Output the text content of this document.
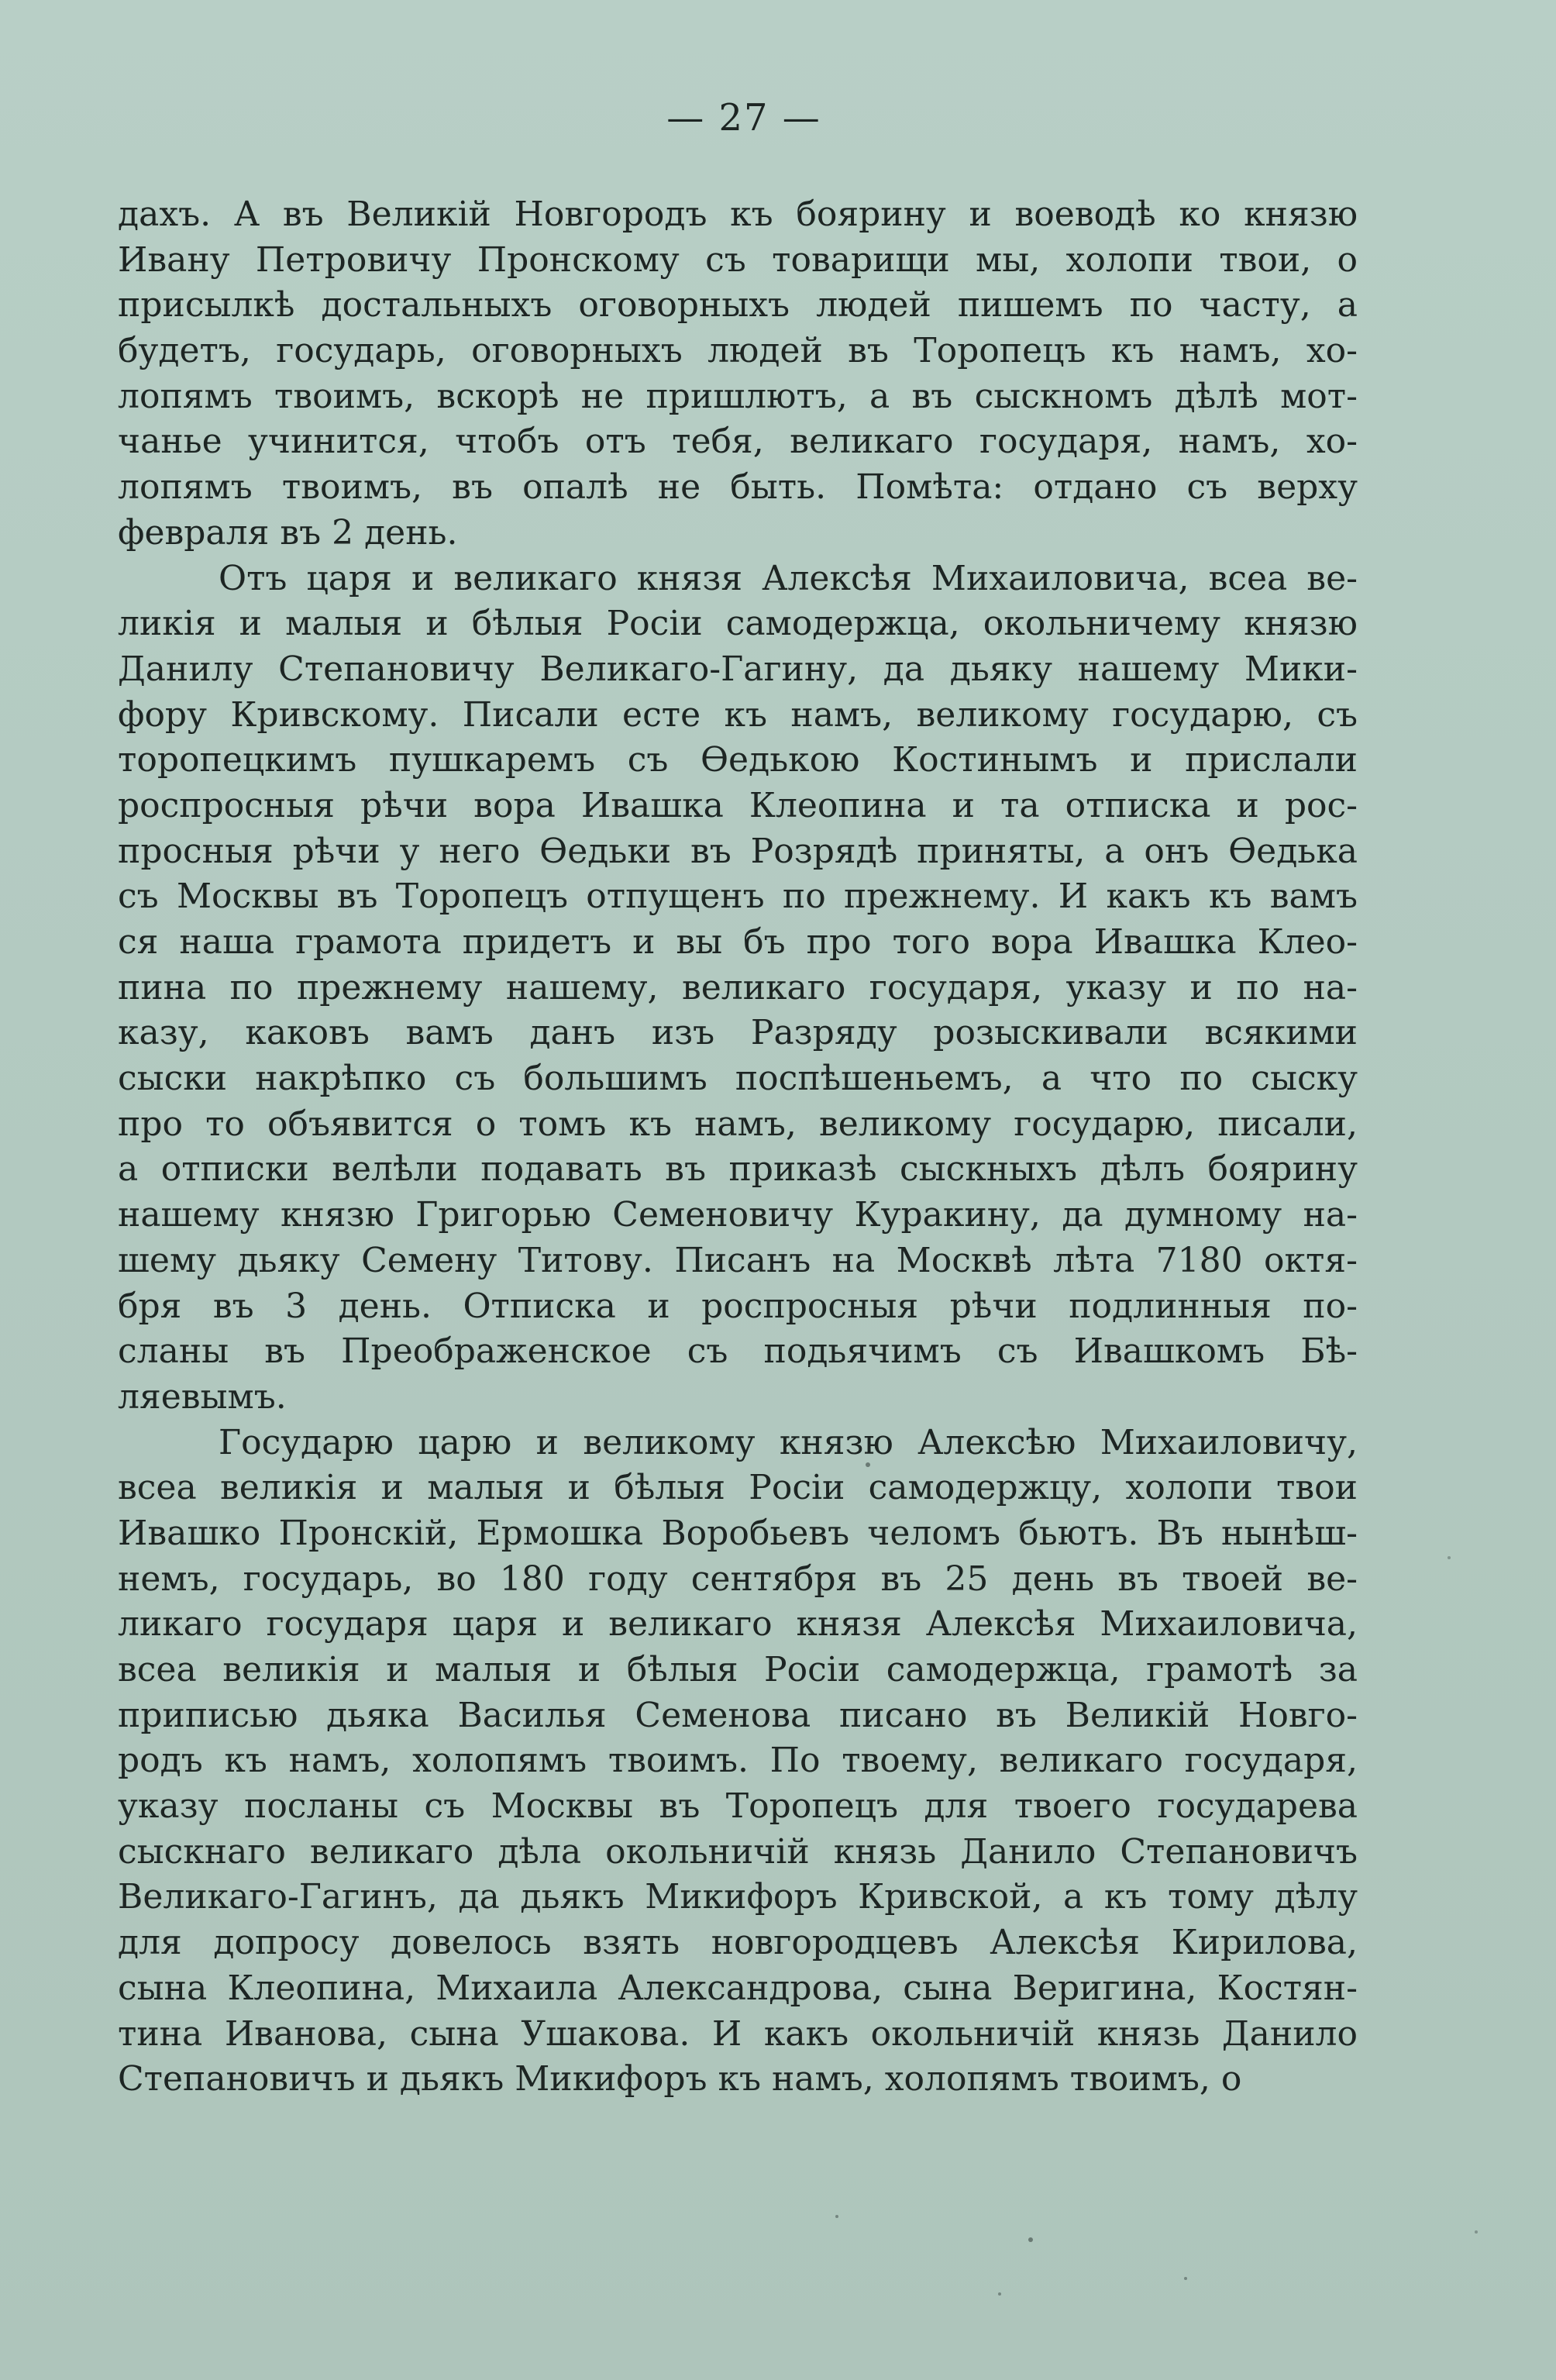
— 27 —
дахъ. А въ Великій Новгородъ къ боярину и воеводѣ ко князю
Ивану Петровичу Пронскому съ товарищи мы, холопи твои, о
присылкѣ достальныхъ оговорныхъ людей пишемъ по часту, а
будетъ, государь, оговорныхъ людей въ Торопецъ къ намъ, хо-
лопямъ твоимъ, вскорѣ не пришлютъ, а въ сыскномъ дѣлѣ мот-
чанье учинится, чтобъ отъ тебя, великаго государя, намъ, хо-
лопямъ твоимъ, въ опалѣ не быть. Помѣта: отдано съ верху
февраля въ 2 день.
Отъ царя и великаго князя Алексѣя Михаиловича, всеа ве-
ликія и малыя и бѣлыя Росіи самодержца, окольничему князю
Данилу Степановичу Великаго-Гагину, да дьяку нашему Мики-
фору Кривскому. Писали есте къ намъ, великому государю, съ
торопецкимъ пушкаремъ съ Ѳедькою Костинымъ и прислали
роспросныя рѣчи вора Ивашка Клеопина и та отписка и рос-
просныя рѣчи у него Ѳедьки въ Розрядѣ приняты, а онъ Ѳедька
съ Москвы въ Торопецъ отпущенъ по прежнему. И какъ къ вамъ
ся наша грамота придетъ и вы бъ про того вора Ивашка Клео-
пина по прежнему нашему, великаго государя, указу и по на-
казу, каковъ вамъ данъ изъ Разряду розыскивали всякими
сыски накрѣпко съ большимъ поспѣшеньемъ, а что по сыску
про то объявится о томъ къ намъ, великому государю, писали,
а отписки велѣли подавать въ приказѣ сыскныхъ дѣлъ боярину
нашему князю Григорью Семеновичу Куракину, да думному на-
шему дьяку Семену Титову. Писанъ на Москвѣ лѣта 7180 октя-
бря въ 3 день. Отписка и роспросныя рѣчи подлинныя по-
сланы въ Преображенское съ подьячимъ съ Ивашкомъ Бѣ-
ляевымъ.
Государю царю и великому князю Алексѣю Михаиловичу,
всеа великія и малыя и бѣлыя Росіи самодержцу, холопи твои
Ивашко Пронскій, Ермошка Воробьевъ челомъ бьютъ. Въ нынѣш-
немъ, государь, во 180 году сентября въ 25 день въ твоей ве-
ликаго государя царя и великаго князя Алексѣя Михаиловича,
всеа великія и малыя и бѣлыя Росіи самодержца, грамотѣ за
приписью дьяка Василья Семенова писано въ Великій Новго-
родъ къ намъ, холопямъ твоимъ. По твоему, великаго государя,
указу посланы съ Москвы въ Торопецъ для твоего государева
сыскнаго великаго дѣла окольничій князь Данило Степановичъ
Великаго-Гагинъ, да дьякъ Микифоръ Кривской, а къ тому дѣлу
для допросу довелось взять новгородцевъ Алексѣя Кирилова,
сына Клеопина, Михаила Александрова, сына Веригина, Костян-
тина Иванова, сына Ушакова. И какъ окольничій князь Данило
Степановичъ и дьякъ Микифоръ къ намъ, холопямъ твоимъ, о
